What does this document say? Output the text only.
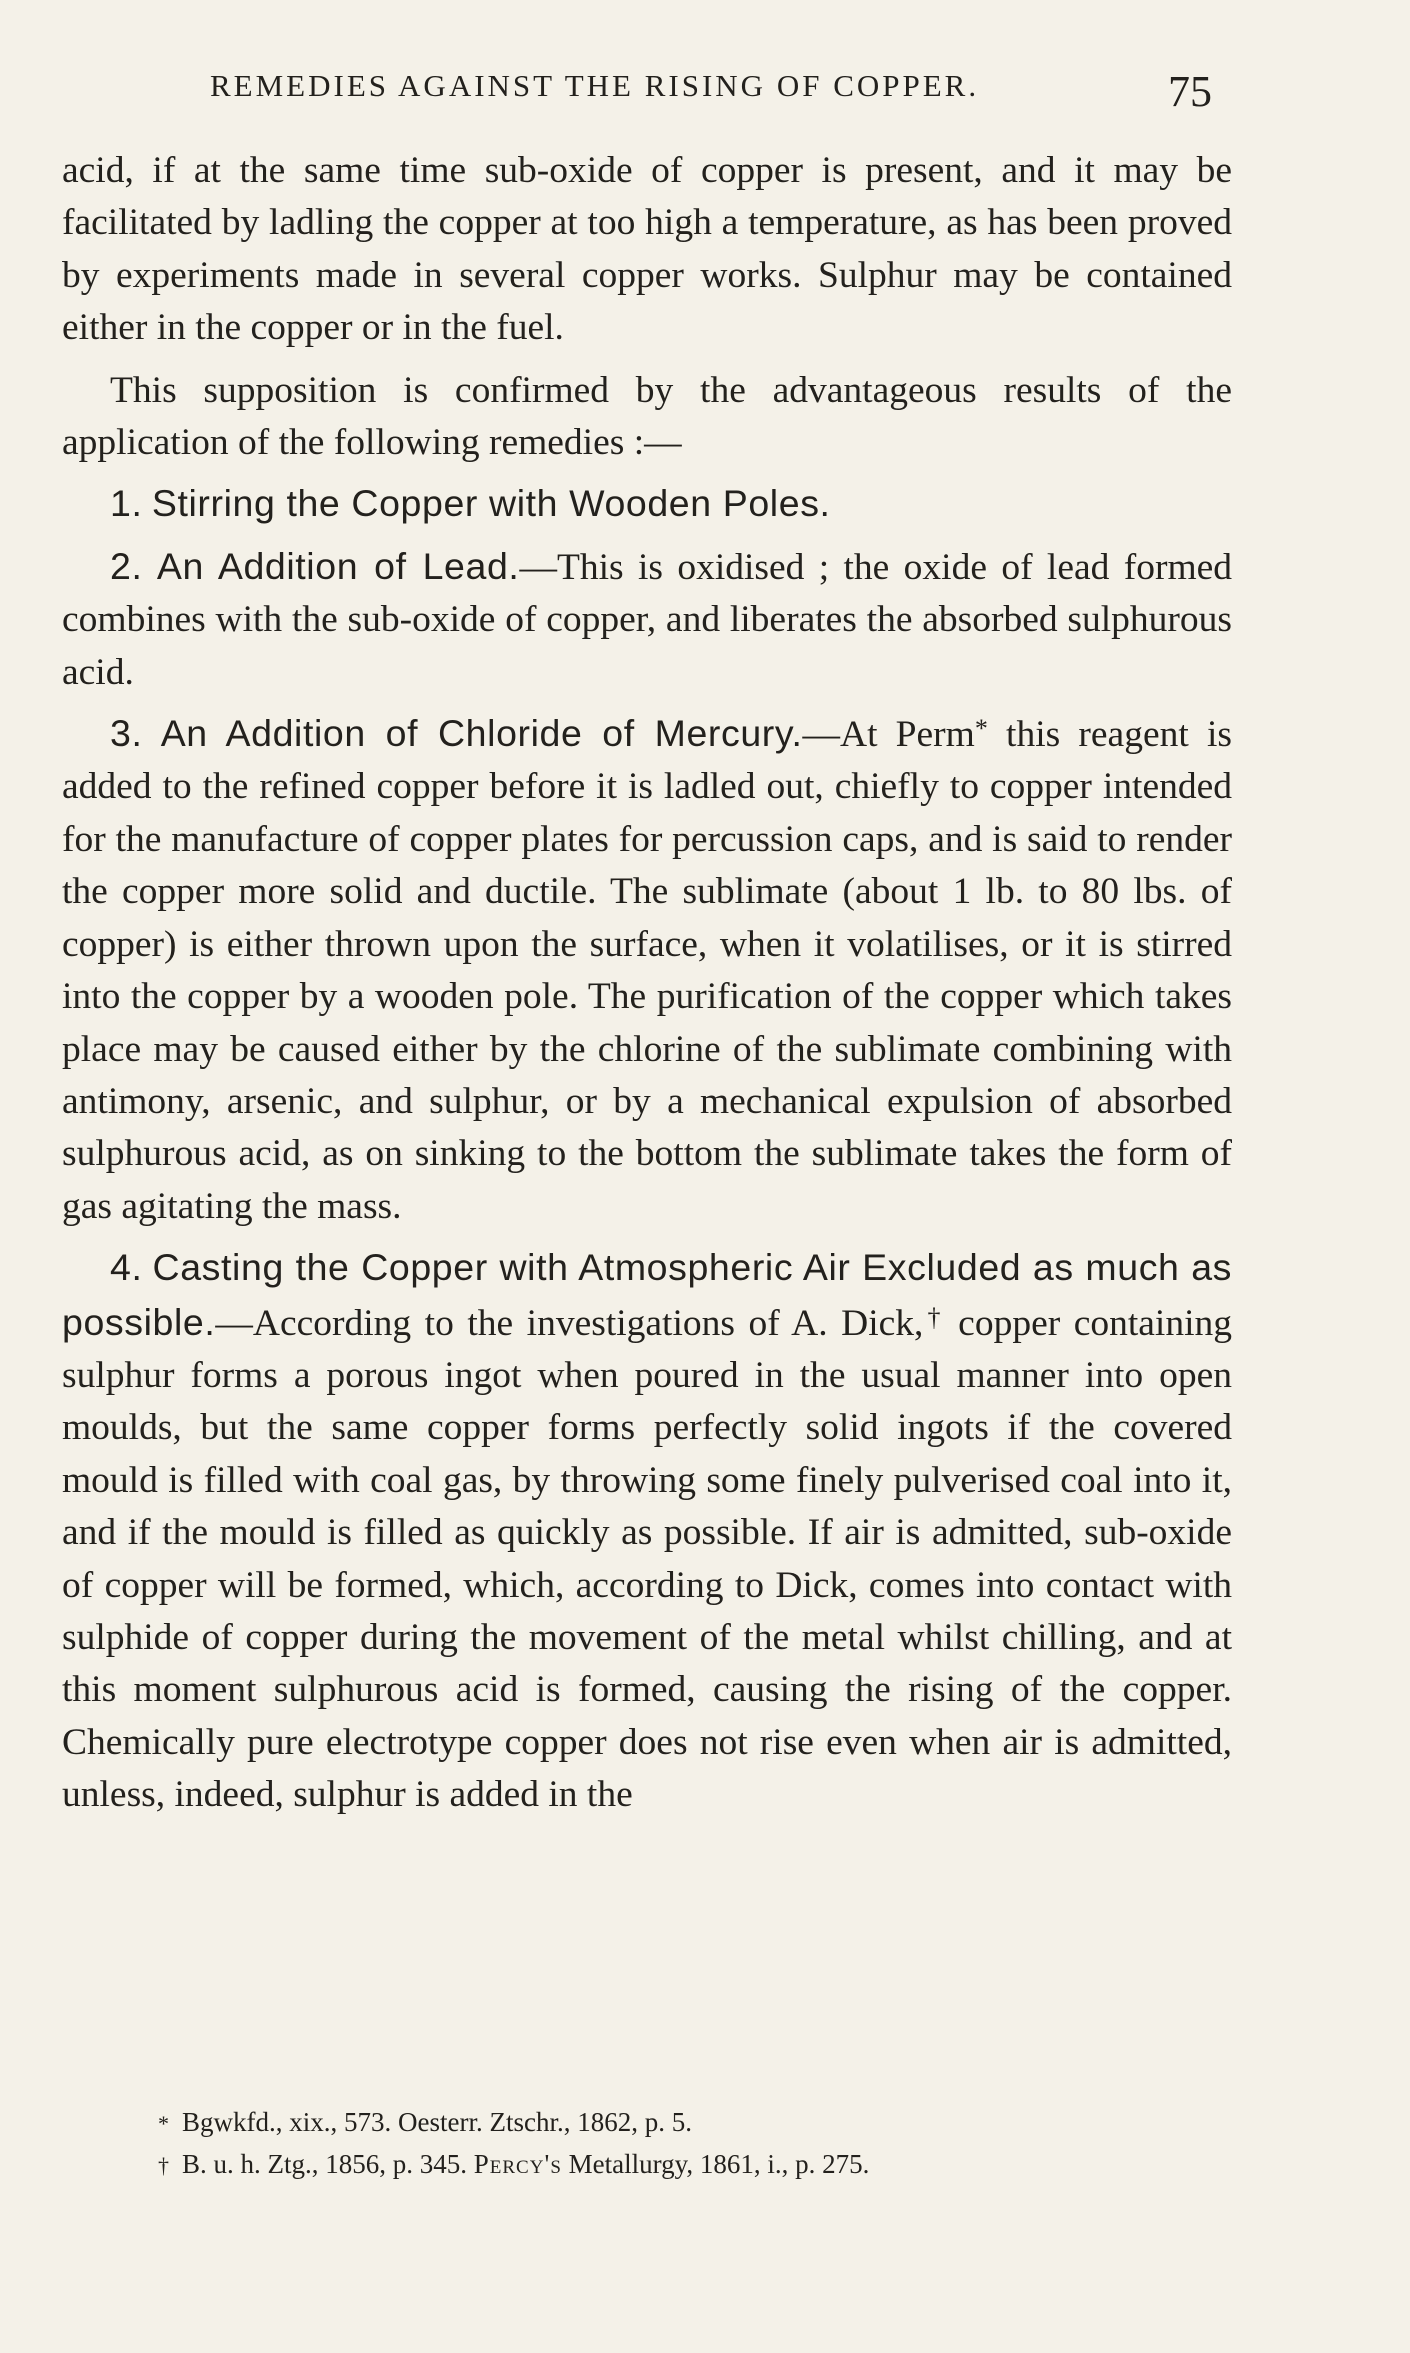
REMEDIES AGAINST THE RISING OF COPPER.	75

acid, if at the same time sub-oxide of copper is present, and it may be facilitated by ladling the copper at too high a temperature, as has been proved by experiments made in several copper works. Sulphur may be contained either in the copper or in the fuel.

This supposition is confirmed by the advantageous results of the application of the following remedies :—

1. Stirring the Copper with Wooden Poles.

2. An Addition of Lead.—This is oxidised ; the oxide of lead formed combines with the sub-oxide of copper, and liberates the absorbed sulphurous acid.

3. An Addition of Chloride of Mercury.—At Perm* this reagent is added to the refined copper before it is ladled out, chiefly to copper intended for the manufacture of copper plates for percussion caps, and is said to render the copper more solid and ductile. The sublimate (about 1 lb. to 80 lbs. of copper) is either thrown upon the surface, when it volatilises, or it is stirred into the copper by a wooden pole. The purification of the copper which takes place may be caused either by the chlorine of the sublimate combining with antimony, arsenic, and sulphur, or by a mechanical expulsion of absorbed sulphurous acid, as on sinking to the bottom the sublimate takes the form of gas agitating the mass.

4. Casting the Copper with Atmospheric Air Excluded as much as possible.—According to the investigations of A. Dick,† copper containing sulphur forms a porous ingot when poured in the usual manner into open moulds, but the same copper forms perfectly solid ingots if the covered mould is filled with coal gas, by throwing some finely pulverised coal into it, and if the mould is filled as quickly as possible. If air is admitted, sub-oxide of copper will be formed, which, according to Dick, comes into contact with sulphide of copper during the movement of the metal whilst chilling, and at this moment sulphurous acid is formed, causing the rising of the copper. Chemically pure electrotype copper does not rise even when air is admitted, unless, indeed, sulphur is added in the

* Bgwkfd., xix., 573. Oesterr. Ztschr., 1862, p. 5.

† B. u. h. Ztg., 1856, p. 345. Percy's Metallurgy, 1861, i., p. 275.
